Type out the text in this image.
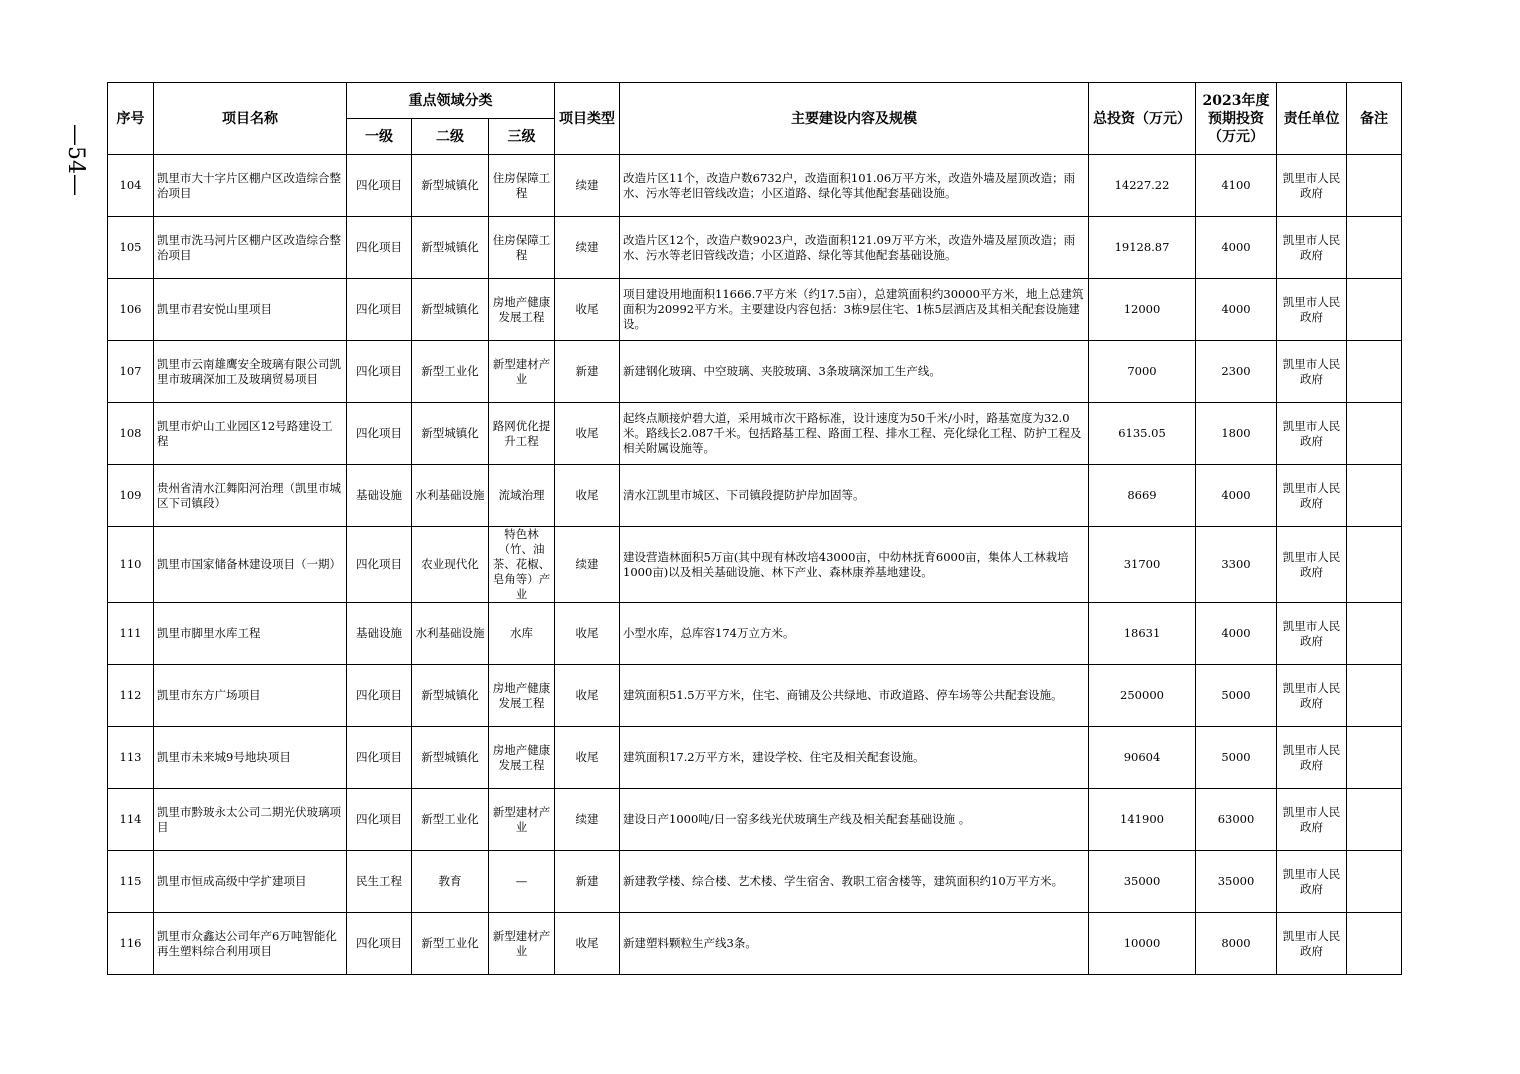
—54—
序号	项目名称	重点领域分类			项目类型	主要建设内容及规模	总投资（万元）	2023年度预期投资（万元）	责任单位	备注
		一级	二级	三级						
104	凯里市大十字片区棚户区改造综合整治项目	四化项目	新型城镇化	住房保障工程	续建	改造片区11个，改造户数6732户，改造面积101.06万平方米，改造外墙及屋顶改造；雨水、污水等老旧管线改造；小区道路、绿化等其他配套基础设施。	14227.22	4100	凯里市人民政府	
105	凯里市洗马河片区棚户区改造综合整治项目	四化项目	新型城镇化	住房保障工程	续建	改造片区12个，改造户数9023户，改造面积121.09万平方米，改造外墙及屋顶改造；雨水、污水等老旧管线改造；小区道路、绿化等其他配套基础设施。	19128.87	4000	凯里市人民政府	
106	凯里市君安悦山里项目	四化项目	新型城镇化	房地产健康发展工程	收尾	项目建设用地面积11666.7平方米（约17.5亩），总建筑面积约30000平方米，地上总建筑面积为20992平方米。主要建设内容包括：3栋9层住宅、1栋5层酒店及其相关配套设施建设。	12000	4000	凯里市人民政府	
107	凯里市云南雄鹰安全玻璃有限公司凯里市玻璃深加工及玻璃贸易项目	四化项目	新型工业化	新型建材产业	新建	新建钢化玻璃、中空玻璃、夹胶玻璃、3条玻璃深加工生产线。	7000	2300	凯里市人民政府	
108	凯里市炉山工业园区12号路建设工程	四化项目	新型城镇化	路网优化提升工程	收尾	起终点顺接炉碧大道，采用城市次干路标准，设计速度为50千米/小时，路基宽度为32.0米。路线长2.087千米。包括路基工程、路面工程、排水工程、亮化绿化工程、防护工程及相关附属设施等。	6135.05	1800	凯里市人民政府	
109	贵州省清水江舞阳河治理（凯里市城区下司镇段）	基础设施	水利基础设施	流域治理	收尾	清水江凯里市城区、下司镇段提防护岸加固等。	8669	4000	凯里市人民政府	
110	凯里市国家储备林建设项目（一期）	四化项目	农业现代化	特色林（竹、油茶、花椒、皂角等）产业	续建	建设营造林面积5万亩(其中现有林改培43000亩，中幼林抚育6000亩，集体人工林栽培1000亩)以及相关基础设施、林下产业、森林康养基地建设。	31700	3300	凯里市人民政府	
111	凯里市脚里水库工程	基础设施	水利基础设施	水库	收尾	小型水库，总库容174万立方米。	18631	4000	凯里市人民政府	
112	凯里市东方广场项目	四化项目	新型城镇化	房地产健康发展工程	收尾	建筑面积51.5万平方米，住宅、商铺及公共绿地、市政道路、停车场等公共配套设施。	250000	5000	凯里市人民政府	
113	凯里市未来城9号地块项目	四化项目	新型城镇化	房地产健康发展工程	收尾	建筑面积17.2万平方米，建设学校、住宅及相关配套设施。	90604	5000	凯里市人民政府	
114	凯里市黔玻永太公司二期光伏玻璃项目	四化项目	新型工业化	新型建材产业	续建	建设日产1000吨/日一窑多线光伏玻璃生产线及相关配套基础设施 。	141900	63000	凯里市人民政府	
115	凯里市恒成高级中学扩建项目	民生工程	教育	—	新建	新建教学楼、综合楼、艺术楼、学生宿舍、教职工宿舍楼等，建筑面积约10万平方米。	35000	35000	凯里市人民政府	
116	凯里市众鑫达公司年产6万吨智能化再生塑料综合利用项目	四化项目	新型工业化	新型建材产业	收尾	新建塑料颗粒生产线3条。	10000	8000	凯里市人民政府	
